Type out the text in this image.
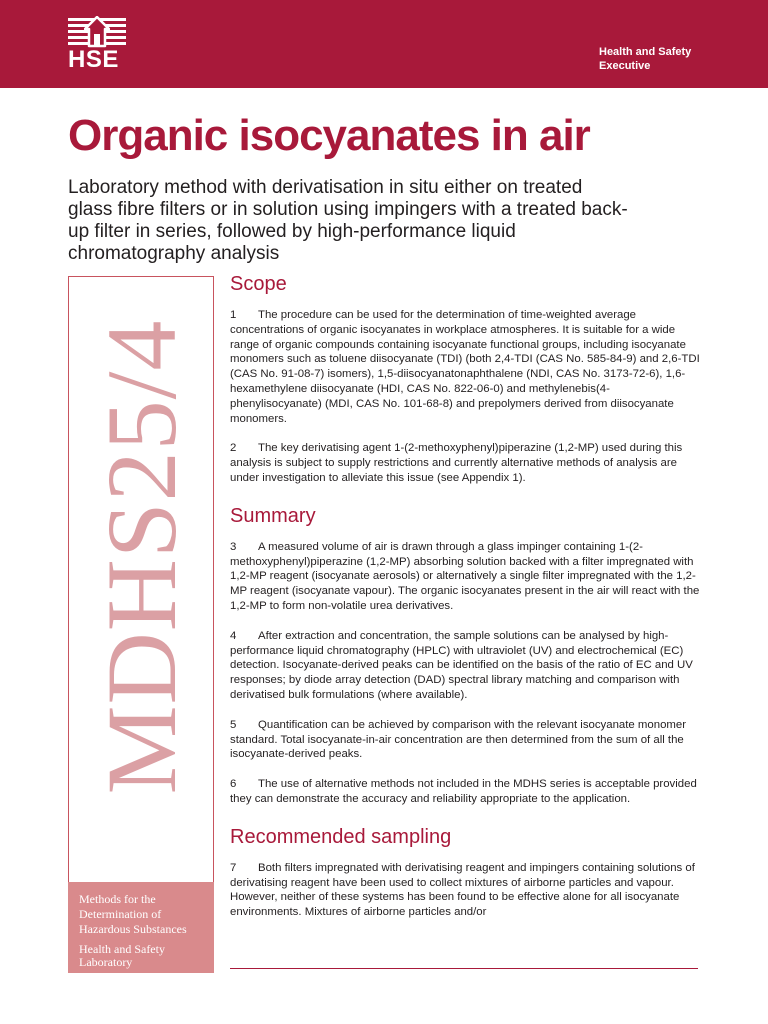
HSE	Health and Safety
Executive
Organic isocyanates in air

Laboratory method with derivatisation in situ either on treated glass fibre filters or in solution using impingers with a treated back-up filter in series, followed by high-performance liquid chromatography analysis

MDHS25/4

Methods for the
Determination of
Hazardous Substances

Health and Safety
Laboratory

Scope

1 The procedure can be used for the determination of time-weighted average concentrations of organic isocyanates in workplace atmospheres. It is suitable for a wide range of organic compounds containing isocyanate functional groups, including isocyanate monomers such as toluene diisocyanate (TDI) (both 2,4-TDI (CAS No. 585-84-9) and 2,6-TDI (CAS No. 91-08-7) isomers), 1,5-diisocyanatonaphthalene (NDI, CAS No. 3173-72-6), 1,6-hexamethylene diisocyanate (HDI, CAS No. 822-06-0) and methylenebis(4-phenylisocyanate) (MDI, CAS No. 101-68-8) and prepolymers derived from diisocyanate monomers.

2 The key derivatising agent 1-(2-methoxyphenyl)piperazine (1,2-MP) used during this analysis is subject to supply restrictions and currently alternative methods of analysis are under investigation to alleviate this issue (see Appendix 1).

Summary

3 A measured volume of air is drawn through a glass impinger containing 1-(2-methoxyphenyl)piperazine (1,2-MP) absorbing solution backed with a filter impregnated with 1,2-MP reagent (isocyanate aerosols) or alternatively a single filter impregnated with the 1,2-MP reagent (isocyanate vapour). The organic isocyanates present in the air will react with the 1,2-MP to form non-volatile urea derivatives.

4 After extraction and concentration, the sample solutions can be analysed by high-performance liquid chromatography (HPLC) with ultraviolet (UV) and electrochemical (EC) detection. Isocyanate-derived peaks can be identified on the basis of the ratio of EC and UV responses; by diode array detection (DAD) spectral library matching and comparison with derivatised bulk formulations (where available).

5 Quantification can be achieved by comparison with the relevant isocyanate monomer standard. Total isocyanate-in-air concentration are then determined from the sum of all the isocyanate-derived peaks.

6 The use of alternative methods not included in the MDHS series is acceptable provided they can demonstrate the accuracy and reliability appropriate to the application.

Recommended sampling

7 Both filters impregnated with derivatising reagent and impingers containing solutions of derivatising reagent have been used to collect mixtures of airborne particles and vapour. However, neither of these systems has been found to be effective alone for all isocyanate environments. Mixtures of airborne particles and/or
